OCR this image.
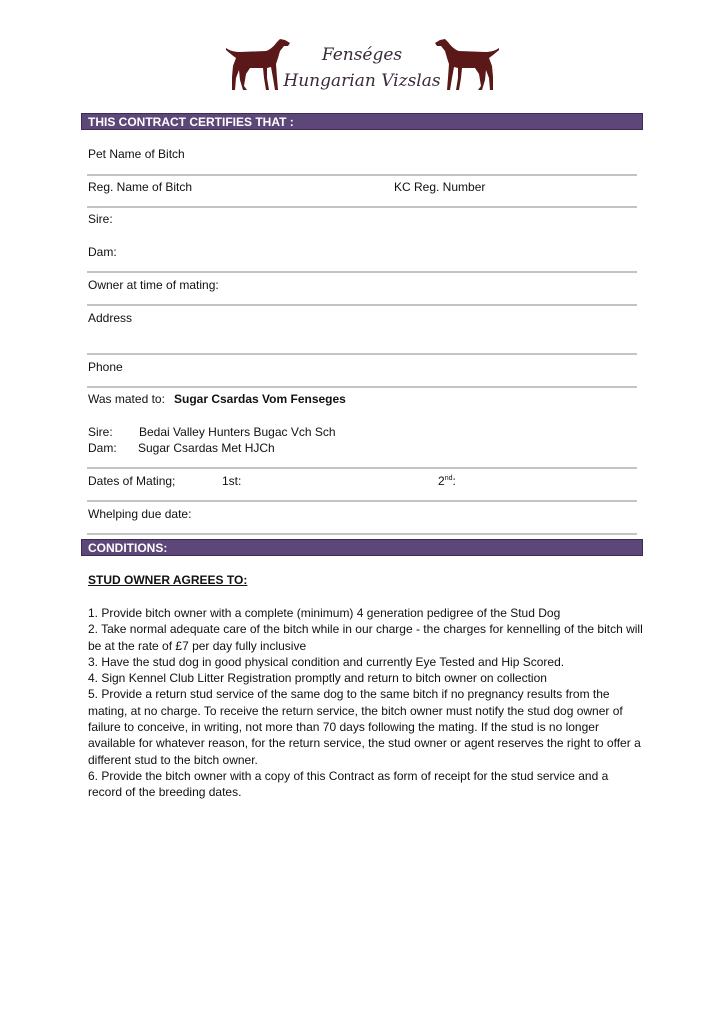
Fenséges
Hungarian Vizslas
THIS CONTRACT CERTIFIES THAT :
Pet Name of Bitch
Reg. Name of Bitch	KC Reg. Number
Sire:
Dam:
Owner at time of mating:
Address
Phone
Was mated to: Sugar Csardas Vom Fenseges
Sire: Bedai Valley Hunters Bugac Vch Sch
Dam: Sugar Csardas Met HJCh
Dates of Mating;	1st:	2nd:
Whelping due date:
CONDITIONS:
STUD OWNER AGREES TO:

1. Provide bitch owner with a complete (minimum) 4 generation pedigree of the Stud Dog

2. Take normal adequate care of the bitch while in our charge - the charges for kennelling of the bitch will be at the rate of £7 per day fully inclusive

3. Have the stud dog in good physical condition and currently Eye Tested and Hip Scored.

4. Sign Kennel Club Litter Registration promptly and return to bitch owner on collection

5. Provide a return stud service of the same dog to the same bitch if no pregnancy results from the mating, at no charge. To receive the return service, the bitch owner must notify the stud dog owner of failure to conceive, in writing, not more than 70 days following the mating. If the stud is no longer available for whatever reason, for the return service, the stud owner or agent reserves the right to offer a different stud to the bitch owner.

6. Provide the bitch owner with a copy of this Contract as form of receipt for the stud service and a record of the breeding dates.
